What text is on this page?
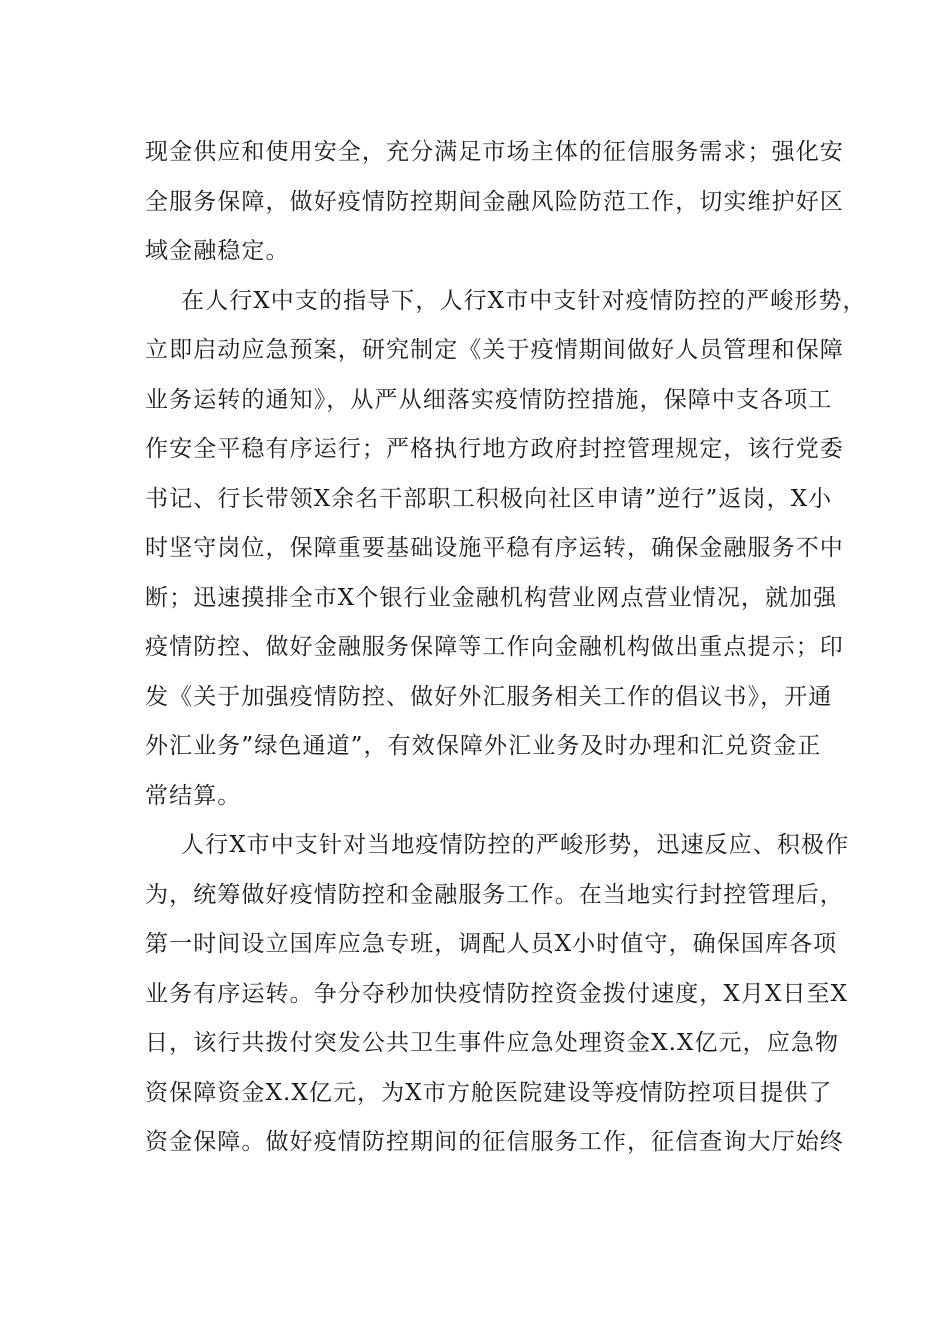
现金供应和使用安全，充分满足市场主体的征信服务需求；强化安
全服务保障，做好疫情防控期间金融风险防范工作，切实维护好区
域金融稳定。
在人行X中支的指导下，人行X市中支针对疫情防控的严峻形势，
立即启动应急预案，研究制定《关于疫情期间做好人员管理和保障
业务运转的通知》，从严从细落实疫情防控措施，保障中支各项工
作安全平稳有序运行；严格执行地方政府封控管理规定，该行党委
书记、行长带领X余名干部职工积极向社区申请”逆行”返岗，X小
时坚守岗位，保障重要基础设施平稳有序运转，确保金融服务不中
断；迅速摸排全市X个银行业金融机构营业网点营业情况，就加强
疫情防控、做好金融服务保障等工作向金融机构做出重点提示；印
发《关于加强疫情防控、做好外汇服务相关工作的倡议书》，开通
外汇业务”绿色通道”，有效保障外汇业务及时办理和汇兑资金正
常结算。
人行X市中支针对当地疫情防控的严峻形势，迅速反应、积极作
为，统筹做好疫情防控和金融服务工作。在当地实行封控管理后，
第一时间设立国库应急专班，调配人员X小时值守，确保国库各项
业务有序运转。争分夺秒加快疫情防控资金拨付速度，X月X日至X
日，该行共拨付突发公共卫生事件应急处理资金X.X亿元，应急物
资保障资金X.X亿元，为X市方舱医院建设等疫情防控项目提供了
资金保障。做好疫情防控期间的征信服务工作，征信查询大厅始终
